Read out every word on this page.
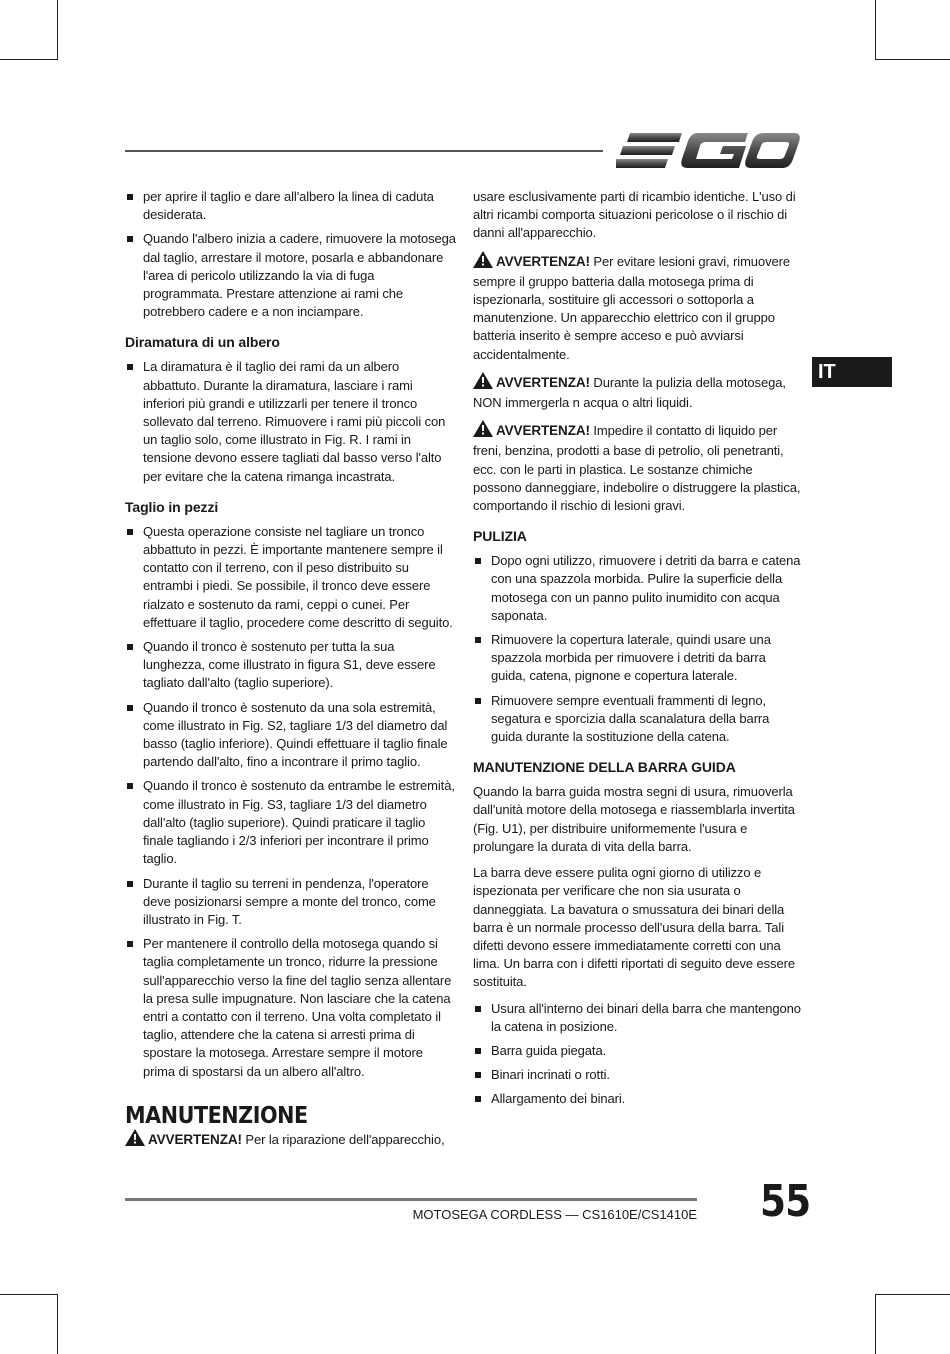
IT
per aprire il taglio e dare all'albero la linea di caduta desiderata.
Quando l'albero inizia a cadere, rimuovere la motosega dal taglio, arrestare il motore, posarla e abbandonare l'area di pericolo utilizzando la via di fuga programmata. Prestare attenzione ai rami che potrebbero cadere e a non inciampare.
Diramatura di un albero
La diramatura è il taglio dei rami da un albero abbattuto. Durante la diramatura, lasciare i rami inferiori più grandi e utilizzarli per tenere il tronco sollevato dal terreno. Rimuovere i rami più piccoli con un taglio solo, come illustrato in Fig. R. I rami in tensione devono essere tagliati dal basso verso l'alto per evitare che la catena rimanga incastrata.
Taglio in pezzi
Questa operazione consiste nel tagliare un tronco abbattuto in pezzi. È importante mantenere sempre il contatto con il terreno, con il peso distribuito su entrambi i piedi. Se possibile, il tronco deve essere rialzato e sostenuto da rami, ceppi o cunei. Per effettuare il taglio, procedere come descritto di seguito.
Quando il tronco è sostenuto per tutta la sua lunghezza, come illustrato in figura S1, deve essere tagliato dall'alto (taglio superiore).
Quando il tronco è sostenuto da una sola estremità, come illustrato in Fig. S2, tagliare 1/3 del diametro dal basso (taglio inferiore). Quindi effettuare il taglio finale partendo dall'alto, fino a incontrare il primo taglio.
Quando il tronco è sostenuto da entrambe le estremità, come illustrato in Fig. S3, tagliare 1/3 del diametro dall'alto (taglio superiore). Quindi praticare il taglio finale tagliando i 2/3 inferiori per incontrare il primo taglio.
Durante il taglio su terreni in pendenza, l'operatore deve posizionarsi sempre a monte del tronco, come illustrato in Fig. T.
Per mantenere il controllo della motosega quando si taglia completamente un tronco, ridurre la pressione sull'apparecchio verso la fine del taglio senza allentare la presa sulle impugnature. Non lasciare che la catena entri a contatto con il terreno. Una volta completato il taglio, attendere che la catena si arresti prima di spostare la motosega. Arrestare sempre il motore prima di spostarsi da un albero all'altro.
MANUTENZIONE

AVVERTENZA! Per la riparazione dell'apparecchio,

usare esclusivamente parti di ricambio identiche. L'uso di altri ricambi comporta situazioni pericolose o il rischio di danni all'apparecchio.

AVVERTENZA! Per evitare lesioni gravi, rimuovere sempre il gruppo batteria dalla motosega prima di ispezionarla, sostituire gli accessori o sottoporla a manutenzione. Un apparecchio elettrico con il gruppo batteria inserito è sempre acceso e può avviarsi accidentalmente.

AVVERTENZA! Durante la pulizia della motosega, NON immergerla n acqua o altri liquidi.

AVVERTENZA! Impedire il contatto di liquido per freni, benzina, prodotti a base di petrolio, oli penetranti, ecc. con le parti in plastica. Le sostanze chimiche possono danneggiare, indebolire o distruggere la plastica, comportando il rischio di lesioni gravi.

PULIZIA
Dopo ogni utilizzo, rimuovere i detriti da barra e catena con una spazzola morbida. Pulire la superficie della motosega con un panno pulito inumidito con acqua saponata.
Rimuovere la copertura laterale, quindi usare una spazzola morbida per rimuovere i detriti da barra guida, catena, pignone e copertura laterale.
Rimuovere sempre eventuali frammenti di legno, segatura e sporcizia dalla scanalatura della barra guida durante la sostituzione della catena.
MANUTENZIONE DELLA BARRA GUIDA

Quando la barra guida mostra segni di usura, rimuoverla dall'unità motore della motosega e riassemblarla invertita (Fig. U1), per distribuire uniformemente l'usura e prolungare la durata di vita della barra.

La barra deve essere pulita ogni giorno di utilizzo e ispezionata per verificare che non sia usurata o danneggiata. La bavatura o smussatura dei binari della barra è un normale processo dell'usura della barra. Tali difetti devono essere immediatamente corretti con una lima. Un barra con i difetti riportati di seguito deve essere sostituita.

Usura all'interno dei binari della barra che mantengono la catena in posizione.
Barra guida piegata.
Binari incrinati o rotti.
Allargamento dei binari.
MOTOSEGA CORDLESS — CS1610E/CS1410E 55
